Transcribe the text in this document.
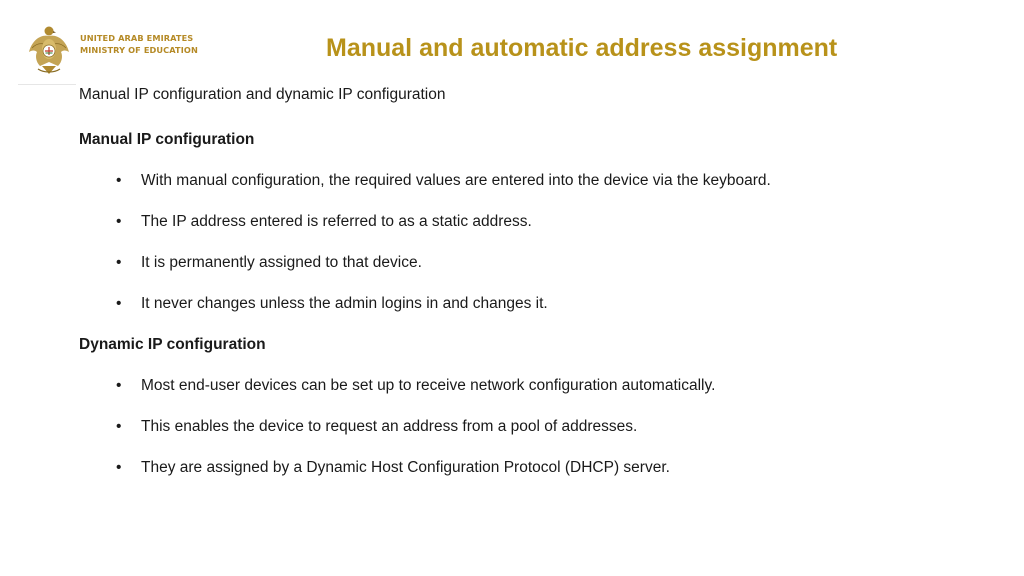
UNITED ARAB EMIRATES
MINISTRY OF EDUCATION	Manual and automatic address assignment
Manual IP configuration and dynamic IP configuration
Manual IP configuration
• With manual configuration, the required values are entered into the device via the keyboard.
• The IP address entered is referred to as a static address.
• It is permanently assigned to that device.
• It never changes unless the admin logins in and changes it.
Dynamic IP configuration
• Most end-user devices can be set up to receive network configuration automatically.
• This enables the device to request an address from a pool of addresses.
• They are assigned by a Dynamic Host Configuration Protocol (DHCP) server.
